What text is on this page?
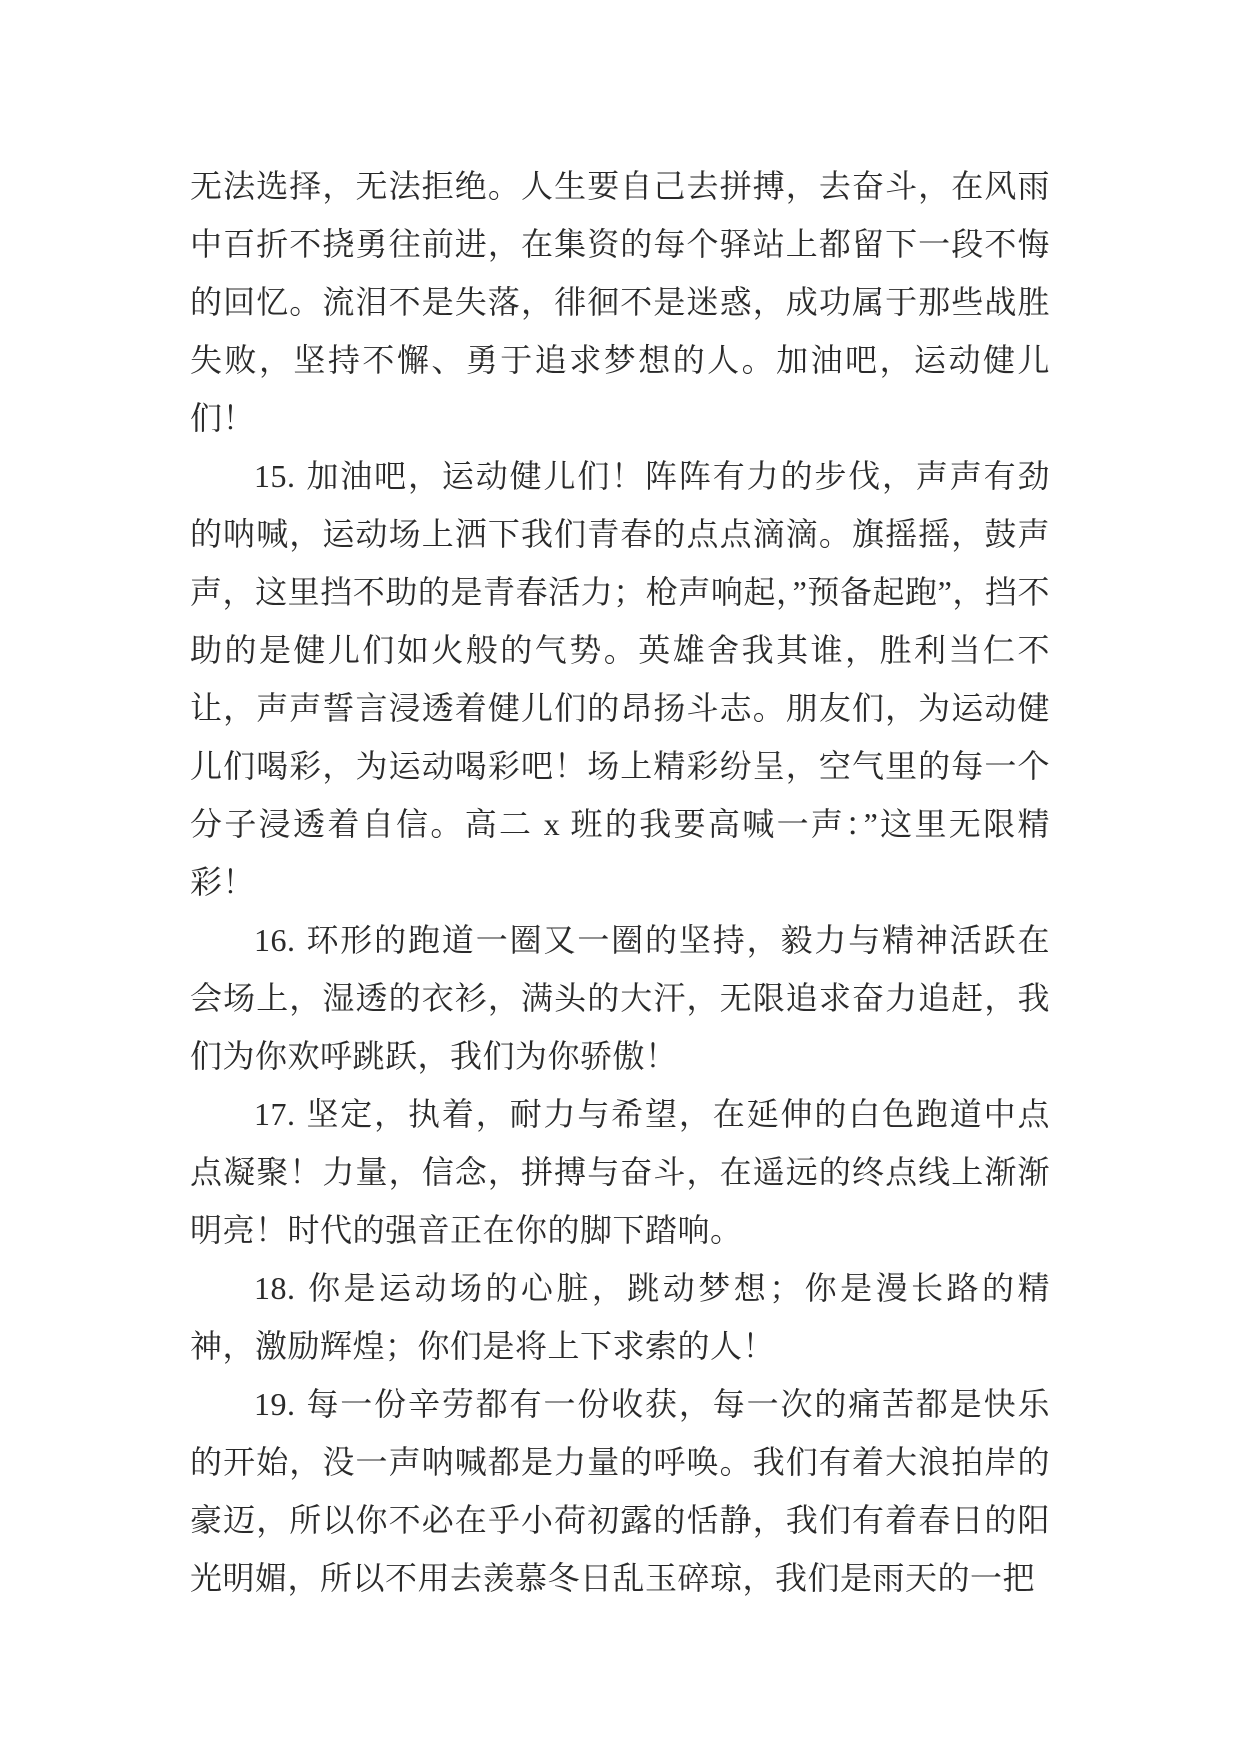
无法选择，无法拒绝。人生要自己去拼搏，去奋斗，在风雨中百折不挠勇往前进，在集资的每个驿站上都留下一段不悔的回忆。流泪不是失落，徘徊不是迷惑，成功属于那些战胜失败，坚持不懈、勇于追求梦想的人。加油吧，运动健儿们！

15. 加油吧，运动健儿们！阵阵有力的步伐，声声有劲的呐喊，运动场上洒下我们青春的点点滴滴。旗摇摇，鼓声声，这里挡不助的是青春活力；枪声响起，”预备起跑”，挡不助的是健儿们如火般的气势。英雄舍我其谁，胜利当仁不让，声声誓言浸透着健儿们的昂扬斗志。朋友们，为运动健儿们喝彩，为运动喝彩吧！场上精彩纷呈，空气里的每一个分子浸透着自信。高二 x 班的我要高喊一声：”这里无限精彩！

16. 环形的跑道一圈又一圈的坚持，毅力与精神活跃在会场上，湿透的衣衫，满头的大汗，无限追求奋力追赶，我们为你欢呼跳跃，我们为你骄傲！

17. 坚定，执着，耐力与希望，在延伸的白色跑道中点点凝聚！力量，信念，拼搏与奋斗，在遥远的终点线上渐渐明亮！时代的强音正在你的脚下踏响。

18. 你是运动场的心脏，跳动梦想；你是漫长路的精神，激励辉煌；你们是将上下求索的人！

19. 每一份辛劳都有一份收获，每一次的痛苦都是快乐的开始，没一声呐喊都是力量的呼唤。我们有着大浪拍岸的豪迈，所以你不必在乎小荷初露的恬静，我们有着春日的阳光明媚，所以不用去羡慕冬日乱玉碎琼，我们是雨天的一把
